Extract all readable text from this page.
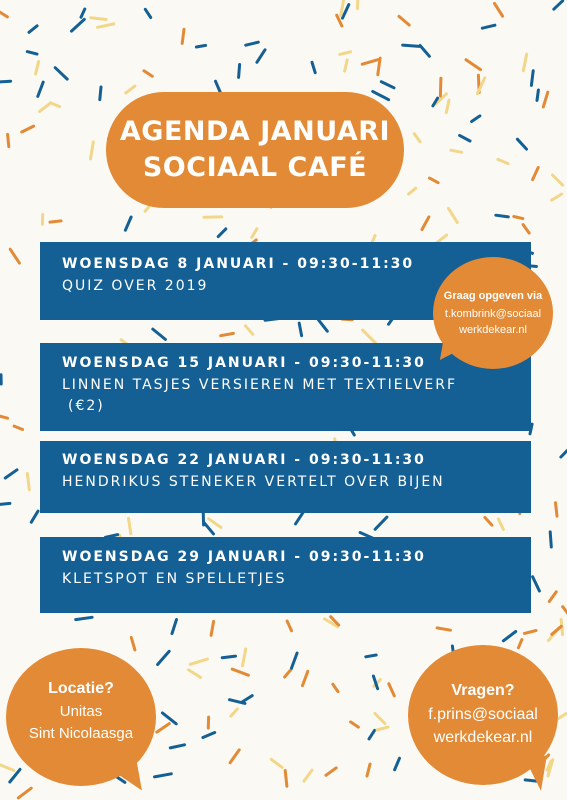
AGENDA JANUARI
SOCIAAL CAFÉ
WOENSDAG 8 JANUARI - 09:30-11:30
QUIZ OVER 2019
WOENSDAG 15 JANUARI - 09:30-11:30
LINNEN TASJES VERSIEREN MET TEXTIELVERF
(€2)
WOENSDAG 22 JANUARI - 09:30-11:30
HENDRIKUS STENEKER VERTELT OVER BIJEN
WOENSDAG 29 JANUARI - 09:30-11:30
KLETSPOT EN SPELLETJES
Graag opgeven via
t.kombrink@sociaal
werkdekear.nl
Locatie?
Unitas
Sint Nicolaasga
Vragen?
f.prins@sociaal
werkdekear.nl
